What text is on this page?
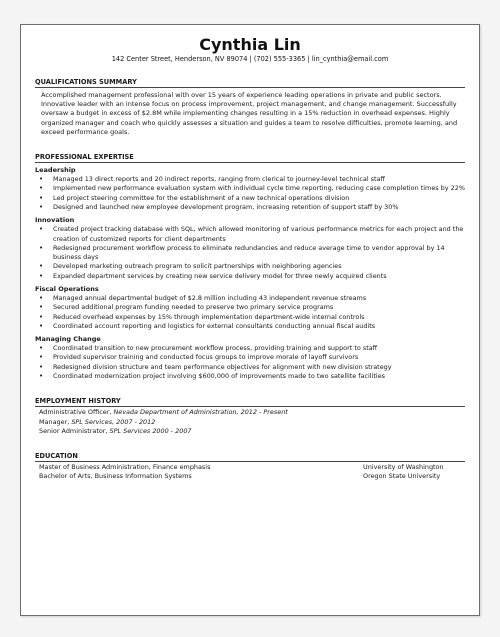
Cynthia Lin
142 Center Street, Henderson, NV 89074 | (702) 555-3365 | lin_cynthia@email.com
QUALIFICATIONS SUMMARY
Accomplished management professional with over 15 years of experience leading operations in private and public sectors. Innovative leader with an intense focus on process improvement, project management, and change management. Successfully oversaw a budget in excess of $2.8M while implementing changes resulting in a 15% reduction in overhead expenses. Highly organized manager and coach who quickly assesses a situation and guides a team to resolve difficulties, promote learning, and exceed performance goals.
PROFESSIONAL EXPERTISE
Leadership
• Managed 13 direct reports and 20 indirect reports, ranging from clerical to journey-level technical staff
• Implemented new performance evaluation system with individual cycle time reporting, reducing case completion times by 22%
• Led project steering committee for the establishment of a new technical operations division
• Designed and launched new employee development program, increasing retention of support staff by 30%
Innovation
• Created project tracking database with SQL, which allowed monitoring of various performance metrics for each project and the creation of customized reports for client departments
• Redesigned procurement workflow process to eliminate redundancies and reduce average time to vendor approval by 14 business days
• Developed marketing outreach program to solicit partnerships with neighboring agencies
• Expanded department services by creating new service delivery model for three newly acquired clients
Fiscal Operations
• Managed annual departmental budget of $2.8 million including 43 independent revenue streams
• Secured additional program funding needed to preserve two primary service programs
• Reduced overhead expenses by 15% through implementation department-wide internal controls
• Coordinated account reporting and logistics for external consultants conducting annual fiscal audits
Managing Change
• Coordinated transition to new procurement workflow process, providing training and support to staff
• Provided supervisor training and conducted focus groups to improve morale of layoff survivors
• Redesigned division structure and team performance objectives for alignment with new division strategy
• Coordinated modernization project involving $600,000 of improvements made to two satellite facilities
EMPLOYMENT HISTORY
Administrative Officer, Nevada Department of Administration, 2012 - Present
Manager, SPL Services, 2007 - 2012
Senior Administrator, SPL Services 2000 - 2007
EDUCATION
Master of Business Administration, Finance emphasis	University of Washington
Bachelor of Arts, Business Information Systems	Oregon State University
